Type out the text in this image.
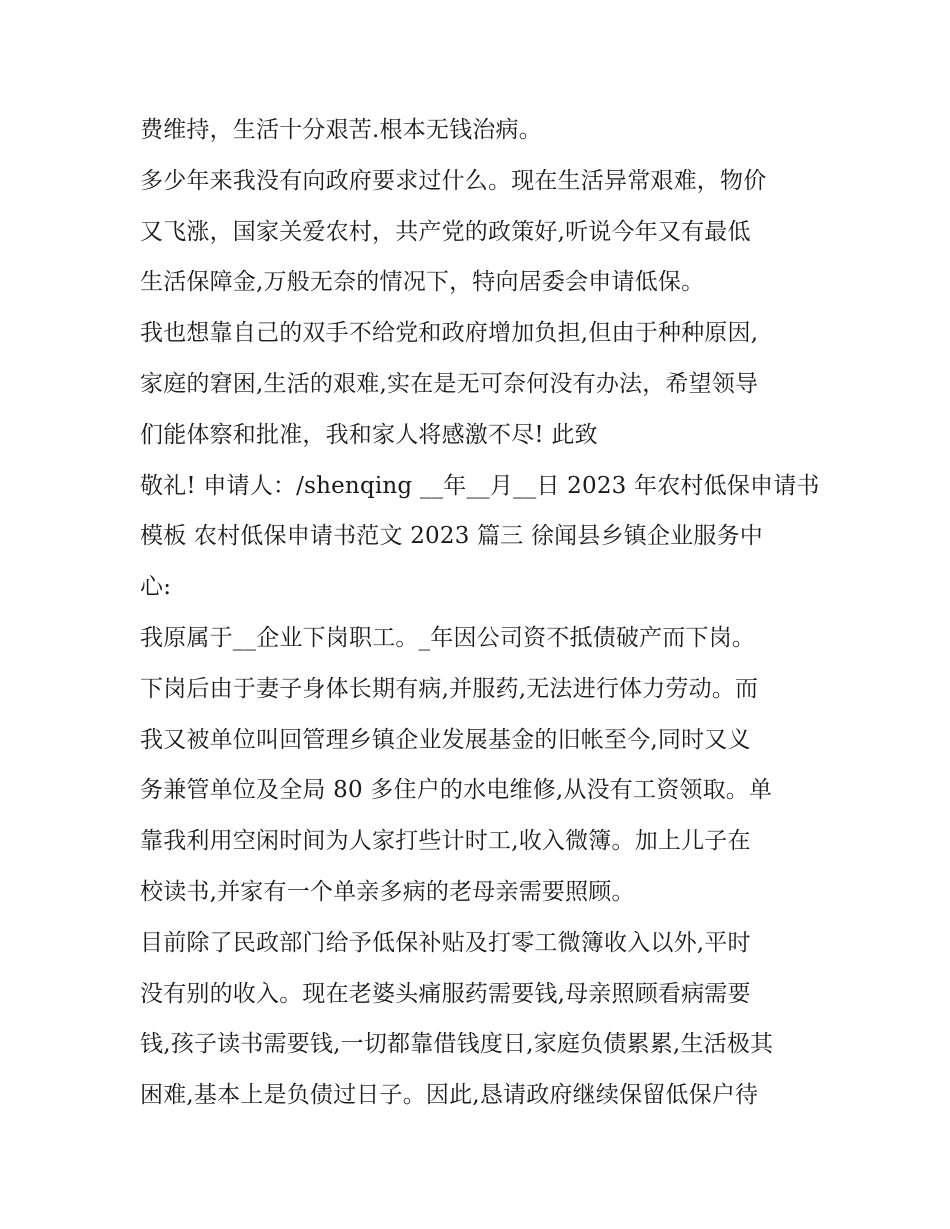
费维持，生活十分艰苦.根本无钱治病。
多少年来我没有向政府要求过什么。现在生活异常艰难，物价
又飞涨，国家关爱农村，共产党的政策好,听说今年又有最低
生活保障金,万般无奈的情况下，特向居委会申请低保。
我也想靠自己的双手不给党和政府增加负担,但由于种种原因,
家庭的窘困,生活的艰难,实在是无可奈何没有办法，希望领导
们能体察和批准，我和家人将感激不尽! 此致
敬礼! 申请人：/shenqing __年__月__日 2023 年农村低保申请书
模板 农村低保申请书范文 2023 篇三 徐闻县乡镇企业服务中
心:
我原属于__企业下岗职工。_年因公司资不抵债破产而下岗。
下岗后由于妻子身体长期有病,并服药,无法进行体力劳动。而
我又被单位叫回管理乡镇企业发展基金的旧帐至今,同时又义
务兼管单位及全局 80 多住户的水电维修,从没有工资领取。单
靠我利用空闲时间为人家打些计时工,收入微簿。加上儿子在
校读书,并家有一个单亲多病的老母亲需要照顾。
目前除了民政部门给予低保补贴及打零工微簿收入以外,平时
没有别的收入。现在老婆头痛服药需要钱,母亲照顾看病需要
钱,孩子读书需要钱,一切都靠借钱度日,家庭负债累累,生活极其
困难,基本上是负债过日子。因此,恳请政府继续保留低保户待
